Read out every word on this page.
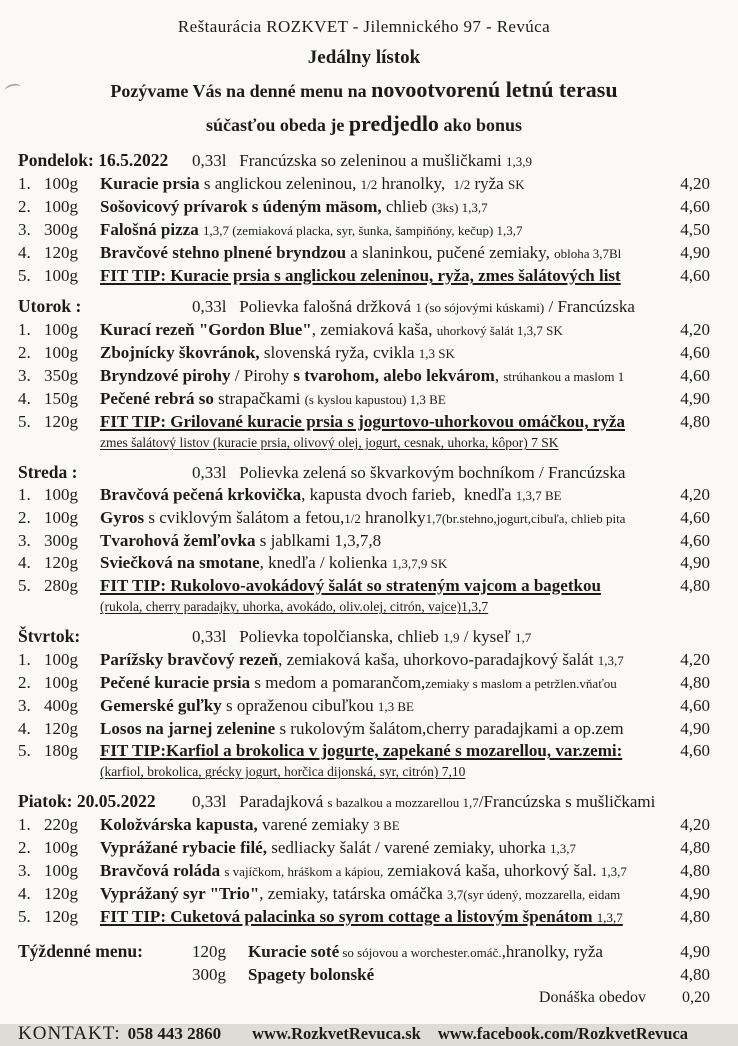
Reštaurácia ROZKVET - Jilemnického 97 - Revúca
Jedálny lístok
Pozývame Vás na denné menu na novootvorenú letnú terasu
súčasťou obeda je predjedlo ako bonus
Pondelok: 16.5.2022	0,33l   Francúzska so zeleninou a mušličkami 1,3,9
1. 100g	Kuracie prsia s anglickou zeleninou, 1/2 hranolky,  1/2 ryža SK	4,20
2. 100g	Sošovicový prívarok s údeným mäsom, chlieb (3ks) 1,3,7	4,60
3. 300g	Falošná pizza 1,3,7 (zemiaková placka, syr, šunka, šampiňóny, kečup) 1,3,7	4,50
4. 120g	Bravčové stehno plnené bryndzou a slaninkou, pučené zemiaky, obloha 3,7Bl	4,90
5. 100g	FIT TIP: Kuracie prsia s anglickou zeleninou, ryža, zmes šalátových list	4,60
Utorok :	0,33l   Polievka falošná držková 1 (so sójovými kúskami) / Francúzska
1. 100g	Kurací rezeň "Gordon Blue", zemiaková kaša, uhorkový šalát 1,3,7 SK	4,20
2. 100g	Zbojnícky škovránok, slovenská ryža, cvikla 1,3 SK	4,60
3. 350g	Bryndzové pirohy / Pirohy s tvarohom, alebo lekvárom, strúhankou a maslom 1	4,60
4. 150g	Pečené rebrá so strapačkami (s kyslou kapustou) 1,3 BE	4,90
5. 120g	FIT TIP: Grilované kuracie prsia s jogurtovo-uhorkovou omáčkou, ryža	4,80
zmes šalátový listov (kuracie prsia, olivový olej, jogurt, cesnak, uhorka, kôpor) 7 SK
Streda :	0,33l   Polievka zelená so škvarkovým bochníkom / Francúzska
1. 100g	Bravčová pečená krkovička, kapusta dvoch farieb,  knedľa 1,3,7 BE	4,20
2. 100g	Gyros s cviklovým šalátom a fetou,1/2 hranolky1,7(br.stehno,jogurt,cibuľa, chlieb pita	4,60
3. 300g	Tvarohová žemľovka s jablkami 1,3,7,8	4,60
4. 120g	Sviečková na smotane, knedľa / kolienka 1,3,7,9 SK	4,90
5. 280g	FIT TIP: Rukolovo-avokádový šalát so strateným vajcom a bagetkou	4,80
(rukola, cherry paradajky, uhorka, avokádo, oliv.olej, citrón, vajce)1,3,7
Štvrtok:	0,33l   Polievka topolčianska, chlieb 1,9 / kyseľ 1,7
1. 100g	Parížsky bravčový rezeň, zemiaková kaša, uhorkovo-paradajkový šalát 1,3,7	4,20
2. 100g	Pečené kuracie prsia s medom a pomarančom,zemiaky s maslom a petržlen.vňaťou	4,80
3. 400g	Gemerské guľky s opraženou cibuľkou 1,3 BE	4,60
4. 120g	Losos na jarnej zelenine s rukolovým šalátom,cherry paradajkami a op.zem	4,90
5. 180g	FIT TIP:Karfiol a brokolica v jogurte, zapekané s mozarellou, var.zemi:	4,60
(karfiol, brokolica, grécky jogurt, horčica dijonská, syr, citrón) 7,10
Piatok: 20.05.2022	0,33l   Paradajková s bazalkou a mozzarellou 1,7/Francúzska s mušličkami
1. 220g	Koložvárska kapusta, varené zemiaky 3 BE	4,20
2. 100g	Vyprážané rybacie filé, sedliacky šalát / varené zemiaky, uhorka 1,3,7	4,80
3. 100g	Bravčová roláda s vajíčkom, hráškom a kápiou, zemiaková kaša, uhorkový šal. 1,3,7	4,80
4. 120g	Vyprážaný syr "Trio", zemiaky, tatárska omáčka 3,7(syr údený, mozzarella, eidam	4,90
5. 120g	FIT TIP: Cuketová palacinka so syrom cottage a listovým špenátom 1,3,7	4,80
Týždenné menu:	120g	Kuracie soté so sójovou a worchester.omáč.,hranolky, ryža	4,90
300g	Spagety bolonské	4,80
Donáška obedov	0,20
KONTAKT: 058 443 2860 www.RozkvetRevuca.sk www.facebook.com/RozkvetRevuca
